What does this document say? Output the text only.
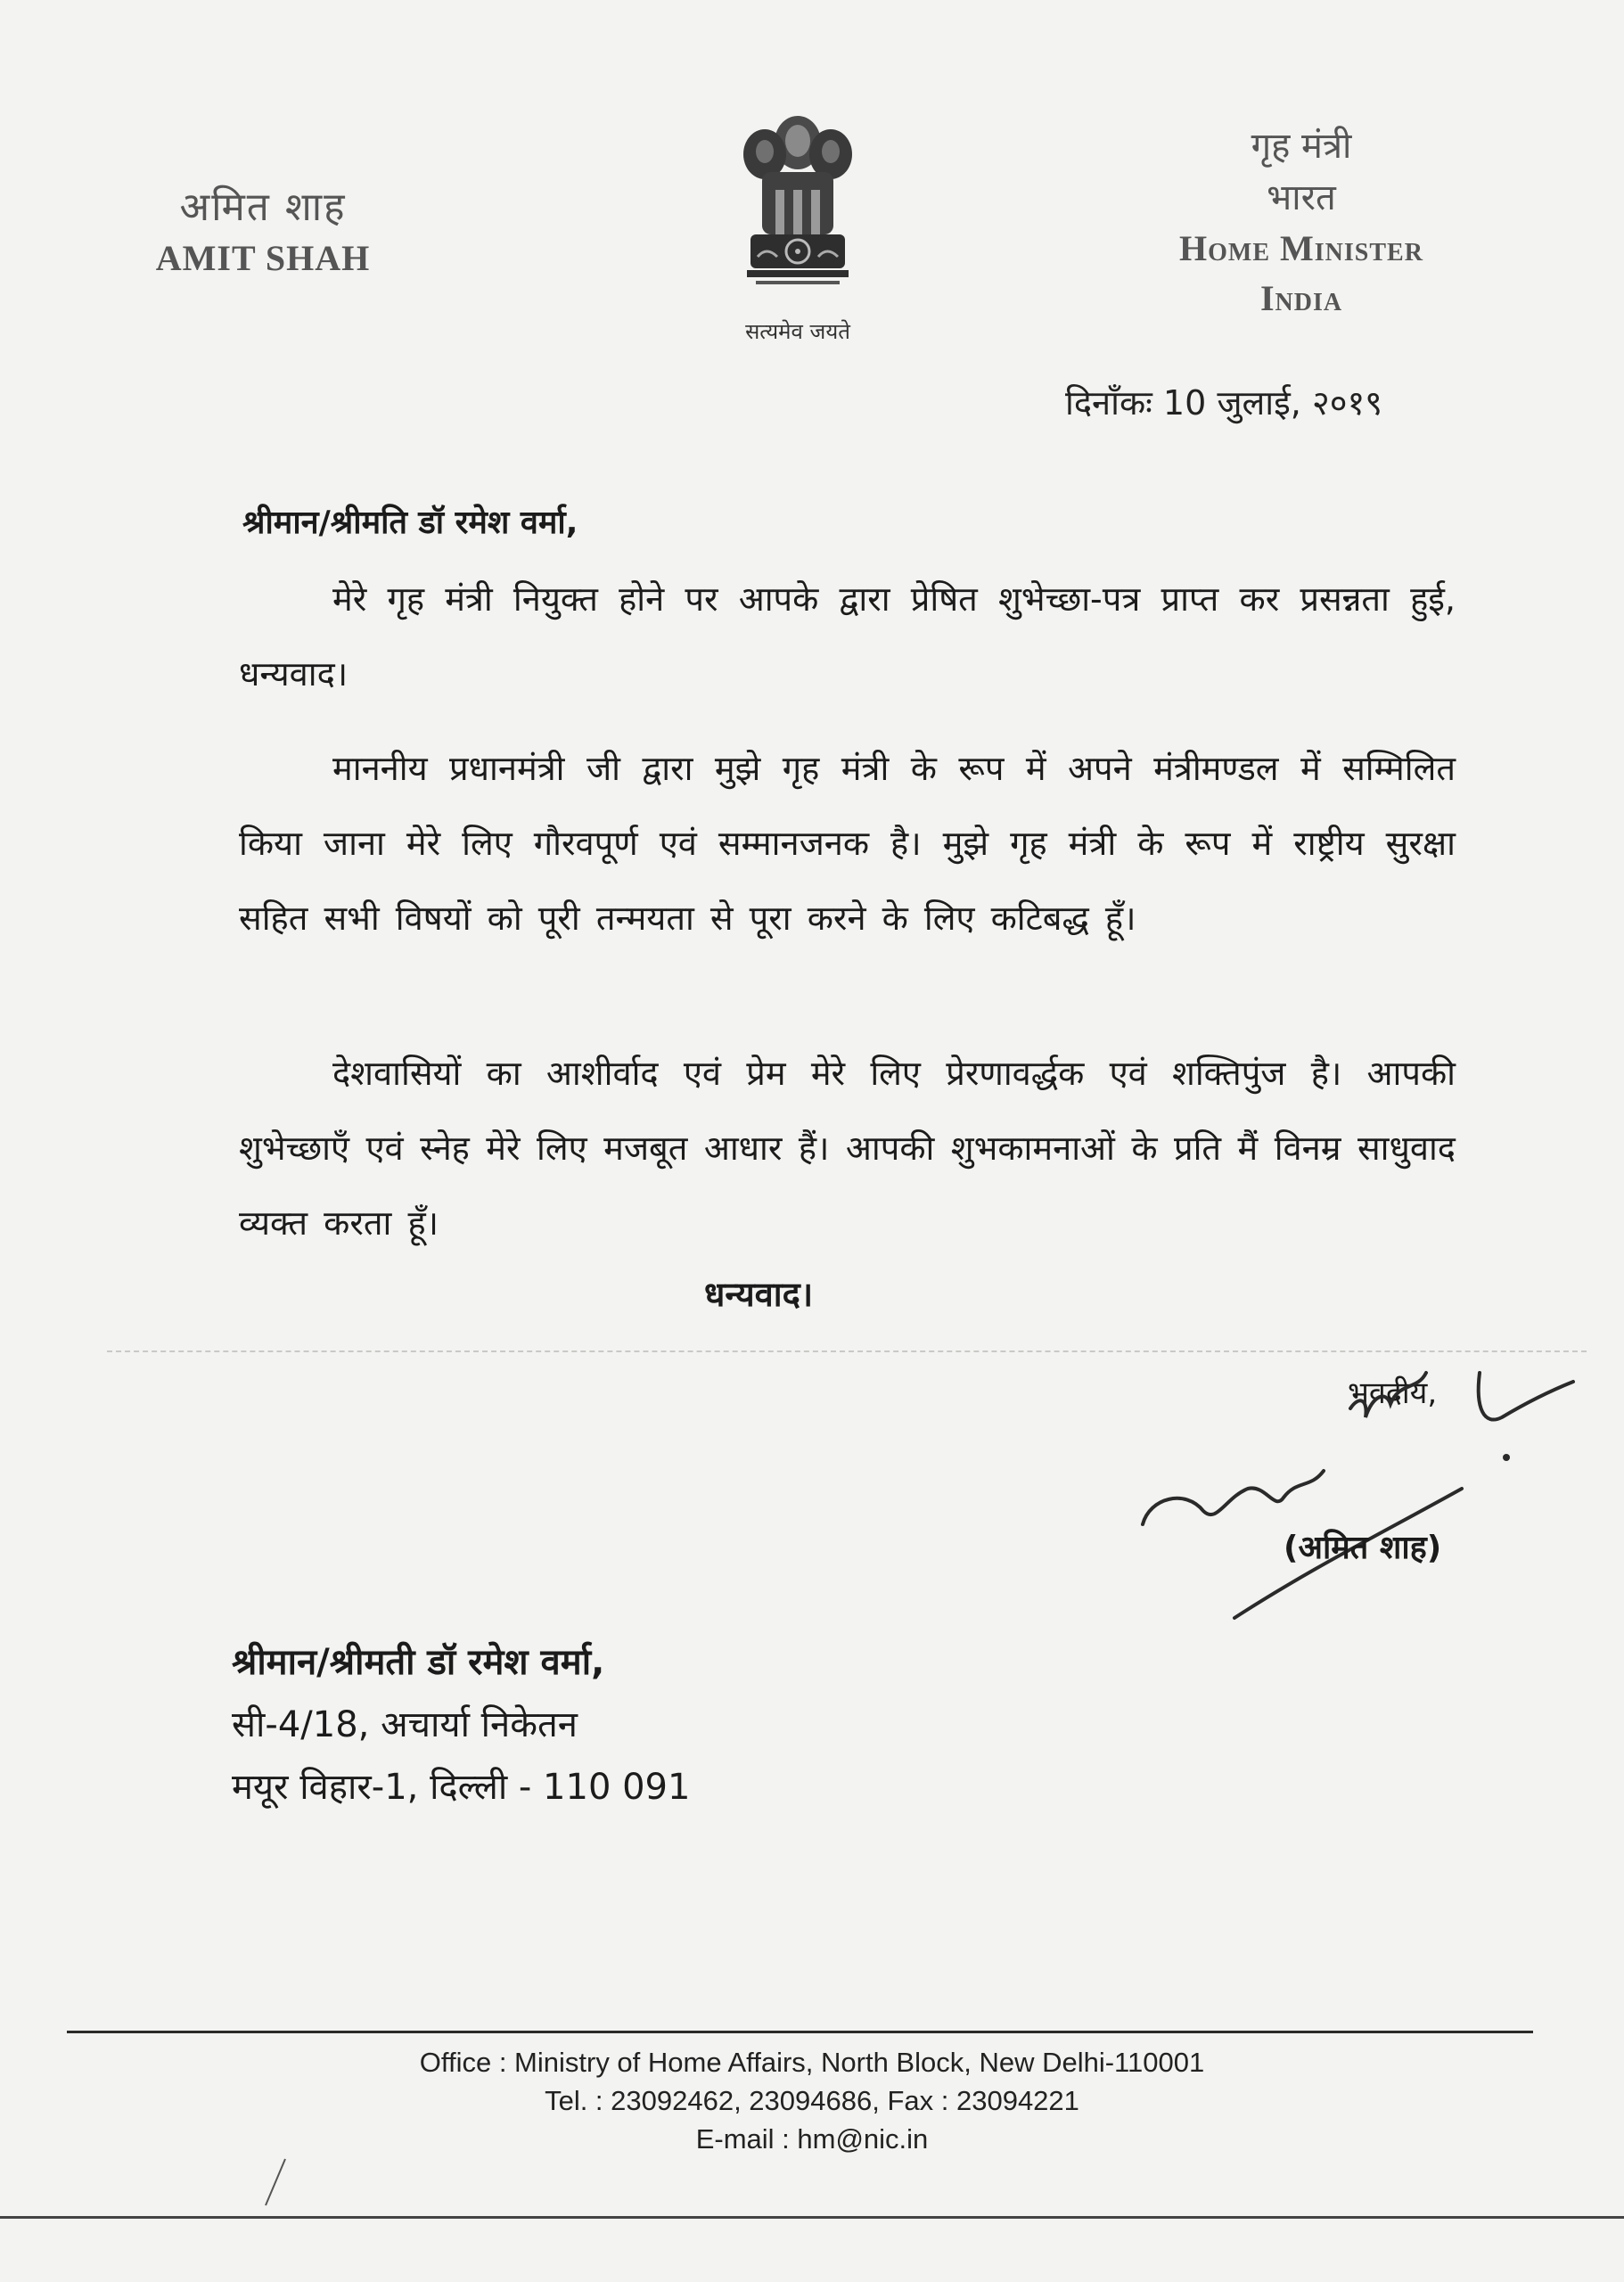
अमित शाह
AMIT SHAH
सत्यमेव जयते
गृह मंत्री
भारत
Home Minister
India
दिनाँकः 10 जुलाई, २०१९
श्रीमान/श्रीमति डॉ रमेश वर्मा,
मेरे गृह मंत्री नियुक्त होने पर आपके द्वारा प्रेषित शुभेच्छा-पत्र प्राप्त कर प्रसन्नता हुई, धन्यवाद।
माननीय प्रधानमंत्री जी द्वारा मुझे गृह मंत्री के रूप में अपने मंत्रीमण्डल में सम्मिलित किया जाना मेरे लिए गौरवपूर्ण एवं सम्मानजनक है। मुझे गृह मंत्री के रूप में राष्ट्रीय सुरक्षा सहित सभी विषयों को पूरी तन्मयता से पूरा करने के लिए कटिबद्ध हूँ।
देशवासियों का आशीर्वाद एवं प्रेम मेरे लिए प्रेरणावर्द्धक एवं शक्तिपुंज है। आपकी शुभेच्छाएँ एवं स्नेह मेरे लिए मजबूत आधार हैं। आपकी शुभकामनाओं के प्रति मैं विनम्र साधुवाद व्यक्त करता हूँ।
धन्यवाद।
भवदीय,
(अमित शाह)
श्रीमान/श्रीमती डॉ रमेश वर्मा,
सी-4/18, अचार्या निकेतन
मयूर विहार-1, दिल्ली - 110 091
Office : Ministry of Home Affairs, North Block, New Delhi-110001
Tel. : 23092462, 23094686, Fax : 23094221
E-mail : hm@nic.in
